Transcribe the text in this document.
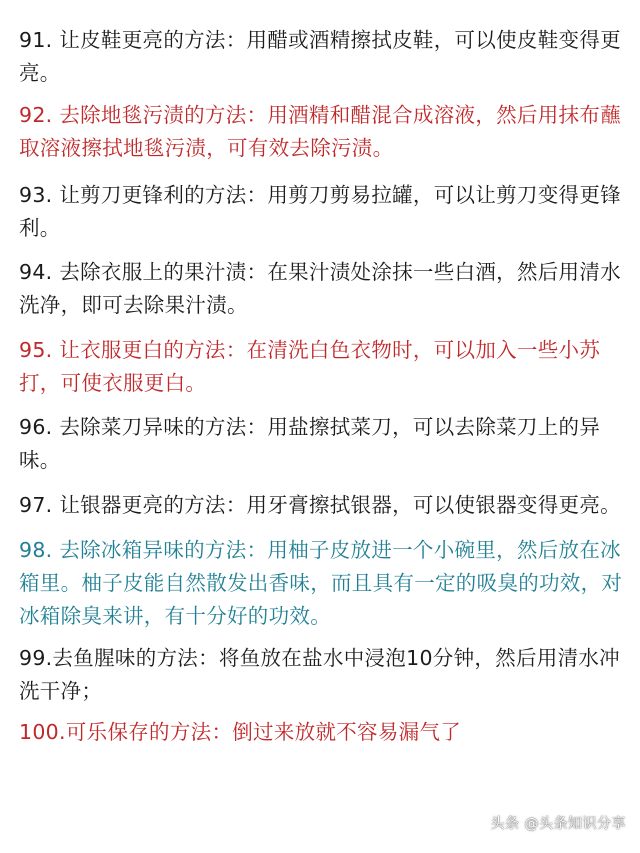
91. 让皮鞋更亮的方法：用醋或酒精擦拭皮鞋，可以使皮鞋变得更亮。

92. 去除地毯污渍的方法：用酒精和醋混合成溶液，然后用抹布蘸取溶液擦拭地毯污渍，可有效去除污渍。

93. 让剪刀更锋利的方法：用剪刀剪易拉罐，可以让剪刀变得更锋利。

94. 去除衣服上的果汁渍：在果汁渍处涂抹一些白酒，然后用清水洗净，即可去除果汁渍。

95. 让衣服更白的方法：在清洗白色衣物时，可以加入一些小苏打，可使衣服更白。

96. 去除菜刀异味的方法：用盐擦拭菜刀，可以去除菜刀上的异味。

97. 让银器更亮的方法：用牙膏擦拭银器，可以使银器变得更亮。

98. 去除冰箱异味的方法：用柚子皮放进一个小碗里，然后放在冰箱里。柚子皮能自然散发出香味，而且具有一定的吸臭的功效，对冰箱除臭来讲，有十分好的功效。

99.去鱼腥味的方法：将鱼放在盐水中浸泡10分钟，然后用清水冲洗干净；

100.可乐保存的方法：倒过来放就不容易漏气了

头条 @头条知识分享
